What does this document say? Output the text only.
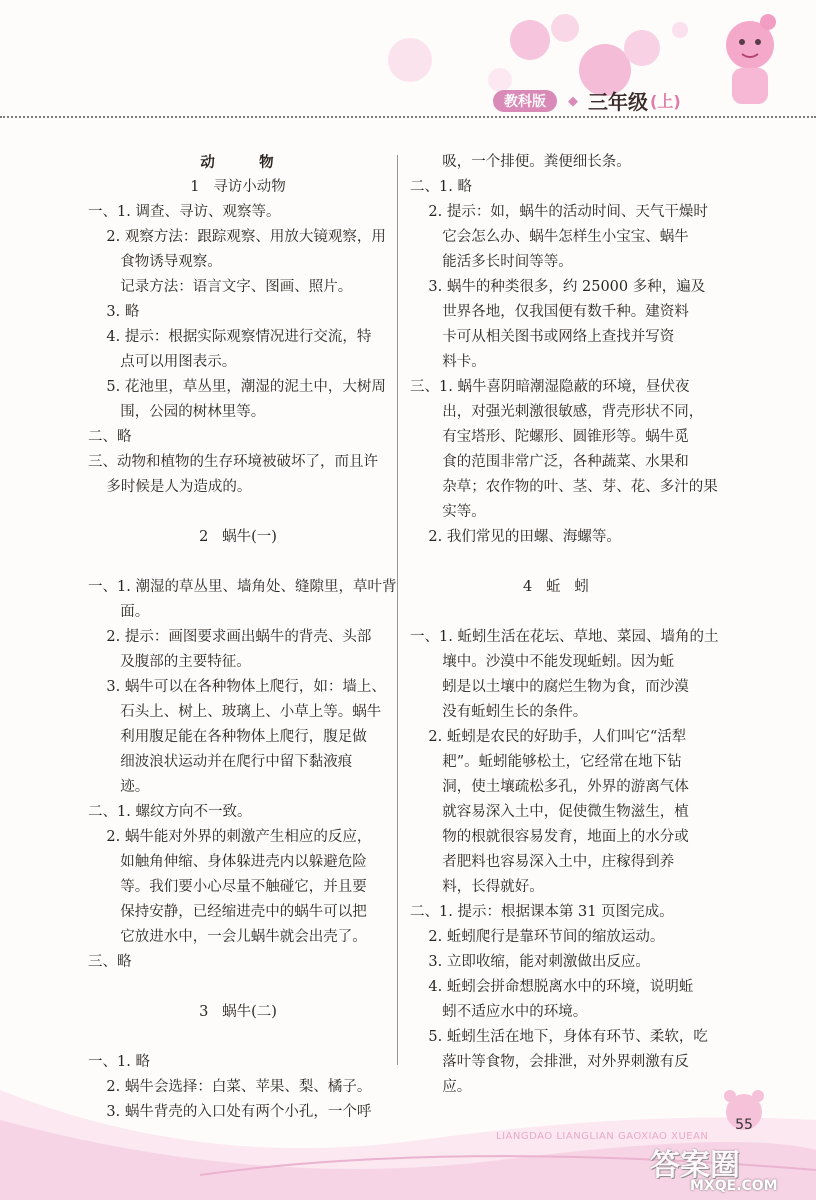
教科版	◆ 三年级 (上)
动      物
1   寻访小动物
一、1. 调查、寻访、观察等。
2. 观察方法：跟踪观察、用放大镜观察，用
食物诱导观察。
记录方法：语言文字、图画、照片。
3. 略
4. 提示：根据实际观察情况进行交流，特
点可以用图表示。
5. 花池里，草丛里，潮湿的泥土中，大树周
围，公园的树林里等。
二、略
三、动物和植物的生存环境被破坏了，而且许
多时候是人为造成的。
2   蜗牛(一)
一、1. 潮湿的草丛里、墙角处、缝隙里，草叶背
面。
2. 提示：画图要求画出蜗牛的背壳、头部
及腹部的主要特征。
3. 蜗牛可以在各种物体上爬行，如：墙上、
石头上、树上、玻璃上、小草上等。蜗牛
利用腹足能在各种物体上爬行，腹足做
细波浪状运动并在爬行中留下黏液痕
迹。
二、1. 螺纹方向不一致。
2. 蜗牛能对外界的刺激产生相应的反应，
如触角伸缩、身体躲进壳内以躲避危险
等。我们要小心尽量不触碰它，并且要
保持安静，已经缩进壳中的蜗牛可以把
它放进水中，一会儿蜗牛就会出壳了。
三、略
3   蜗牛(二)
一、1. 略
2. 蜗牛会选择：白菜、苹果、梨、橘子。
3. 蜗牛背壳的入口处有两个小孔，一个呼
吸，一个排便。粪便细长条。
二、1. 略
2. 提示：如，蜗牛的活动时间、天气干燥时
它会怎么办、蜗牛怎样生小宝宝、蜗牛
能活多长时间等等。
3. 蜗牛的种类很多，约 25000 多种，遍及
世界各地，仅我国便有数千种。建资料
卡可从相关图书或网络上查找并写资
料卡。
三、1. 蜗牛喜阴暗潮湿隐蔽的环境，昼伏夜
出，对强光刺激很敏感，背壳形状不同，
有宝塔形、陀螺形、圆锥形等。蜗牛觅
食的范围非常广泛，各种蔬菜、水果和
杂草；农作物的叶、茎、芽、花、多汁的果
实等。
2. 我们常见的田螺、海螺等。
4   蚯   蚓
一、1. 蚯蚓生活在花坛、草地、菜园、墙角的土
壤中。沙漠中不能发现蚯蚓。因为蚯
蚓是以土壤中的腐烂生物为食，而沙漠
没有蚯蚓生长的条件。
2. 蚯蚓是农民的好助手，人们叫它“活犁
耙”。蚯蚓能够松土，它经常在地下钻
洞，使土壤疏松多孔，外界的游离气体
就容易深入土中，促使微生物滋生，植
物的根就很容易发育，地面上的水分或
者肥料也容易深入土中，庄稼得到养
料，长得就好。
二、1. 提示：根据课本第 31 页图完成。
2. 蚯蚓爬行是靠环节间的缩放运动。
3. 立即收缩，能对刺激做出反应。
4. 蚯蚓会拼命想脱离水中的环境，说明蚯
蚓不适应水中的环境。
5. 蚯蚓生活在地下，身体有环节、柔软，吃
落叶等食物，会排泄，对外界刺激有反
应。
55
LIANGDAO LIANGLIAN GAOXIAO XUEAN
答案圈
MXQE.COM
